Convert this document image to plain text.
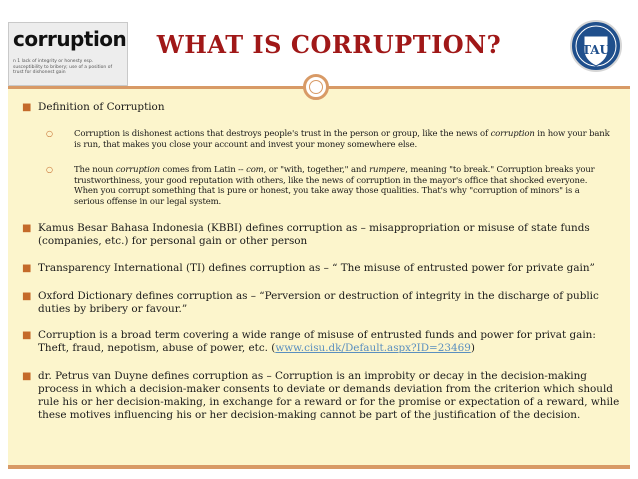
corruption
n 1 lack of integrity or honesty esp. susceptibility to bribery; use of a position of trust for dishonest gain
WHAT IS CORRUPTION?	TAU
■ Definition of Corruption
○ Corruption is dishonest actions that destroys people's trust in the person or group, like the news of corruption in how your bank is run, that makes you close your account and invest your money somewhere else.
○ The noun corruption comes from Latin -- com, or "with, together," and rumpere, meaning "to break." Corruption breaks your trustworthiness, your good reputation with others, like the news of corruption in the mayor's office that shocked everyone. When you corrupt something that is pure or honest, you take away those qualities. That's why "corruption of minors" is a serious offense in our legal system.
■ Kamus Besar Bahasa Indonesia (KBBI) defines corruption as – misappropriation or misuse of state funds (companies, etc.) for personal gain or other person
■ Transparency International (TI) defines corruption as – “ The misuse of entrusted power for private gain”
■ Oxford Dictionary defines corruption as – “Perversion or destruction of integrity in the discharge of public duties by bribery or favour.”
■ Corruption is a broad term covering a wide range of misuse of entrusted funds and power for privat gain: Theft, fraud, nepotism, abuse of power, etc. (www.cisu.dk/Default.aspx?ID=23469)
■ dr. Petrus van Duyne defines corruption as – Corruption is an improbity or decay in the decision-making process in which a decision-maker consents to deviate or demands deviation from the criterion which should rule his or her decision-making, in exchange for a reward or for the promise or expectation of a reward, while these motives influencing his or her decision-making cannot be part of the justification of the decision.
